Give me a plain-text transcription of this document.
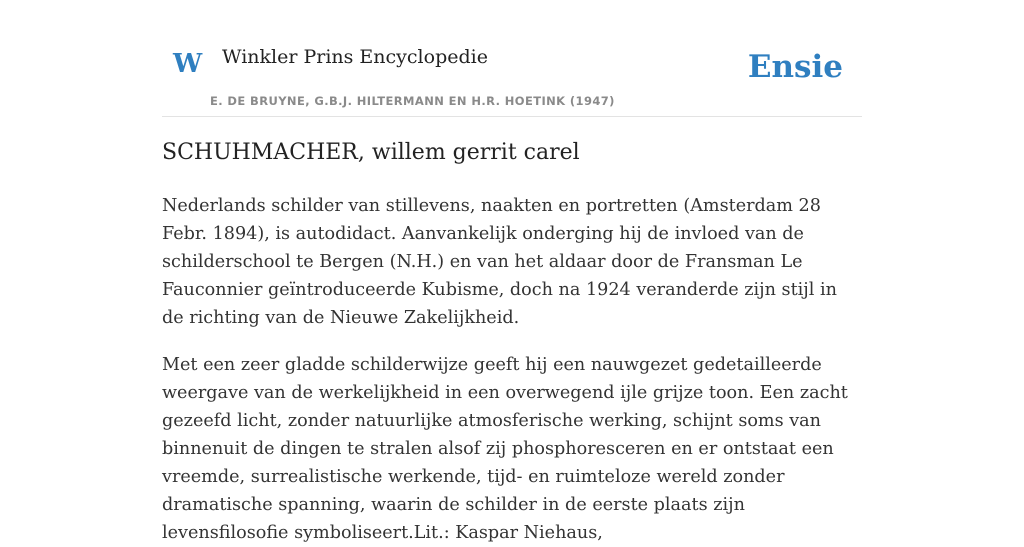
W Winkler Prins Encyclopedie
E. DE BRUYNE, G.B.J. HILTERMANN EN H.R. HOETINK (1947)
Ensie
SCHUHMACHER, willem gerrit carel

Nederlands schilder van stillevens, naakten en portretten (Amsterdam 28 Febr. 1894), is autodidact. Aanvankelijk onderging hij de invloed van de schilderschool te Bergen (N.H.) en van het aldaar door de Fransman Le Fauconnier geïntroduceerde Kubisme, doch na 1924 veranderde zijn stijl in de richting van de Nieuwe Zakelijkheid.

Met een zeer gladde schilderwijze geeft hij een nauwgezet gedetailleerde weergave van de werkelijkheid in een overwegend ijle grijze toon. Een zacht gezeefd licht, zonder natuurlijke atmosferische werking, schijnt soms van binnenuit de dingen te stralen alsof zij phosphoresceren en er ontstaat een vreemde, surrealistische werkende, tijd- en ruimteloze wereld zonder dramatische spanning, waarin de schilder in de eerste plaats zijn levensfilosofie symboliseert.Lit.: Kaspar Niehaus,
